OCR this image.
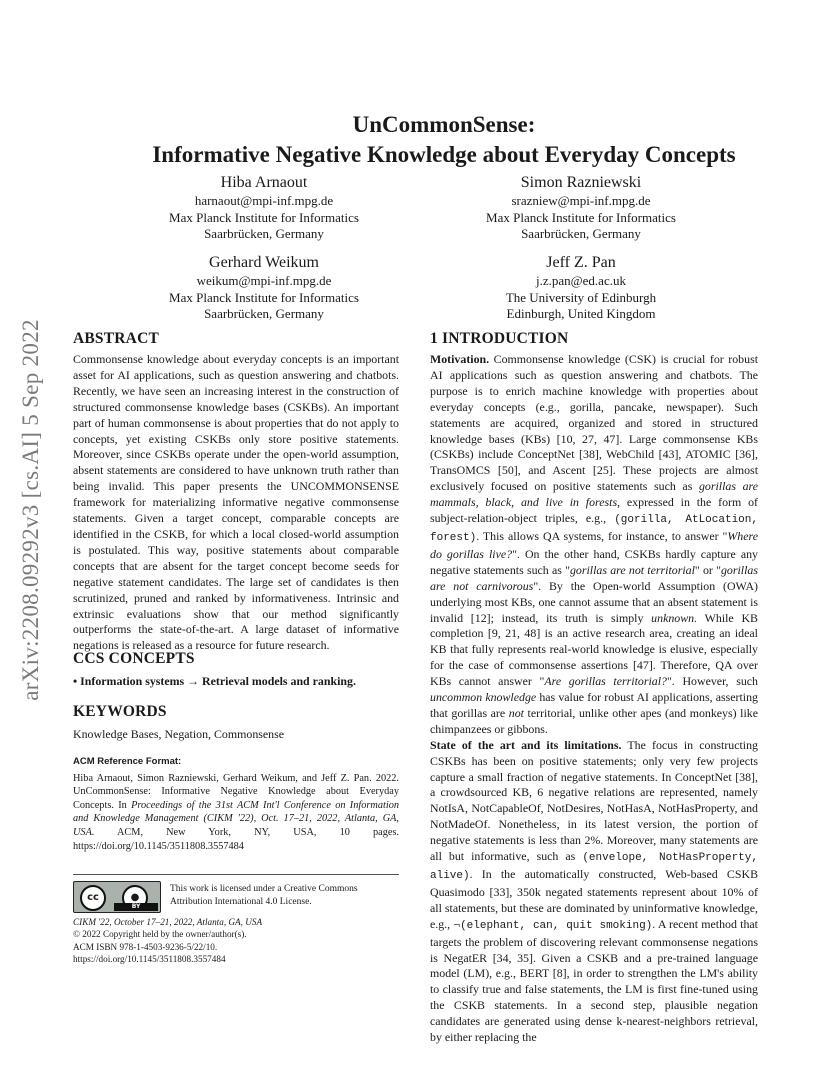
arXiv:2208.09292v3 [cs.AI] 5 Sep 2022
UnCommonSense:
Informative Negative Knowledge about Everyday Concepts
Hiba Arnaout
harnaout@mpi-inf.mpg.de
Max Planck Institute for Informatics
Saarbrücken, Germany
Simon Razniewski
srazniew@mpi-inf.mpg.de
Max Planck Institute for Informatics
Saarbrücken, Germany
Gerhard Weikum
weikum@mpi-inf.mpg.de
Max Planck Institute for Informatics
Saarbrücken, Germany
Jeff Z. Pan
j.z.pan@ed.ac.uk
The University of Edinburgh
Edinburgh, United Kingdom
ABSTRACT
Commonsense knowledge about everyday concepts is an important asset for AI applications, such as question answering and chatbots. Recently, we have seen an increasing interest in the construction of structured commonsense knowledge bases (CSKBs). An important part of human commonsense is about properties that do not apply to concepts, yet existing CSKBs only store positive statements. Moreover, since CSKBs operate under the open-world assumption, absent statements are considered to have unknown truth rather than being invalid. This paper presents the UNCOMMONSENSE framework for materializing informative negative commonsense statements. Given a target concept, comparable concepts are identified in the CSKB, for which a local closed-world assumption is postulated. This way, positive statements about comparable concepts that are absent for the target concept become seeds for negative statement candidates. The large set of candidates is then scrutinized, pruned and ranked by informativeness. Intrinsic and extrinsic evaluations show that our method significantly outperforms the state-of-the-art. A large dataset of informative negations is released as a resource for future research.
CCS CONCEPTS
• Information systems → Retrieval models and ranking.
KEYWORDS
Knowledge Bases, Negation, Commonsense
ACM Reference Format:
Hiba Arnaout, Simon Razniewski, Gerhard Weikum, and Jeff Z. Pan. 2022. UnCommonSense: Informative Negative Knowledge about Everyday Concepts. In Proceedings of the 31st ACM Int'l Conference on Information and Knowledge Management (CIKM '22), Oct. 17–21, 2022, Atlanta, GA, USA. ACM, New York, NY, USA, 10 pages. https://doi.org/10.1145/3511808.3557484
cc	●
BY
This work is licensed under a Creative Commons Attribution International 4.0 License.
CIKM '22, October 17–21, 2022, Atlanta, GA, USA
© 2022 Copyright held by the owner/author(s).
ACM ISBN 978-1-4503-9236-5/22/10.
https://doi.org/10.1145/3511808.3557484
1 INTRODUCTION
Motivation. Commonsense knowledge (CSK) is crucial for robust AI applications such as question answering and chatbots. The purpose is to enrich machine knowledge with properties about everyday concepts (e.g., gorilla, pancake, newspaper). Such statements are acquired, organized and stored in structured knowledge bases (KBs) [10, 27, 47]. Large commonsense KBs (CSKBs) include ConceptNet [38], WebChild [43], ATOMIC [36], TransOMCS [50], and Ascent [25]. These projects are almost exclusively focused on positive statements such as gorillas are mammals, black, and live in forests, expressed in the form of subject-relation-object triples, e.g., (gorilla, AtLocation, forest). This allows QA systems, for instance, to answer "Where do gorillas live?". On the other hand, CSKBs hardly capture any negative statements such as "gorillas are not territorial" or "gorillas are not carnivorous". By the Open-world Assumption (OWA) underlying most KBs, one cannot assume that an absent statement is invalid [12]; instead, its truth is simply unknown. While KB completion [9, 21, 48] is an active research area, creating an ideal KB that fully represents real-world knowledge is elusive, especially for the case of commonsense assertions [47]. Therefore, QA over KBs cannot answer "Are gorillas territorial?". However, such uncommon knowledge has value for robust AI applications, asserting that gorillas are not territorial, unlike other apes (and monkeys) like chimpanzees or gibbons.
State of the art and its limitations. The focus in constructing CSKBs has been on positive statements; only very few projects capture a small fraction of negative statements. In ConceptNet [38], a crowdsourced KB, 6 negative relations are represented, namely NotIsA, NotCapableOf, NotDesires, NotHasA, NotHasProperty, and NotMadeOf. Nonetheless, in its latest version, the portion of negative statements is less than 2%. Moreover, many statements are all but informative, such as (envelope, NotHasProperty, alive). In the automatically constructed, Web-based CSKB Quasimodo [33], 350k negated statements represent about 10% of all statements, but these are dominated by uninformative knowledge, e.g., ¬(elephant, can, quit smoking). A recent method that targets the problem of discovering relevant commonsense negations is NegatER [34, 35]. Given a CSKB and a pre-trained language model (LM), e.g., BERT [8], in order to strengthen the LM's ability to classify true and false statements, the LM is first fine-tuned using the CSKB statements. In a second step, plausible negation candidates are generated using dense k-nearest-neighbors retrieval, by either replacing the
